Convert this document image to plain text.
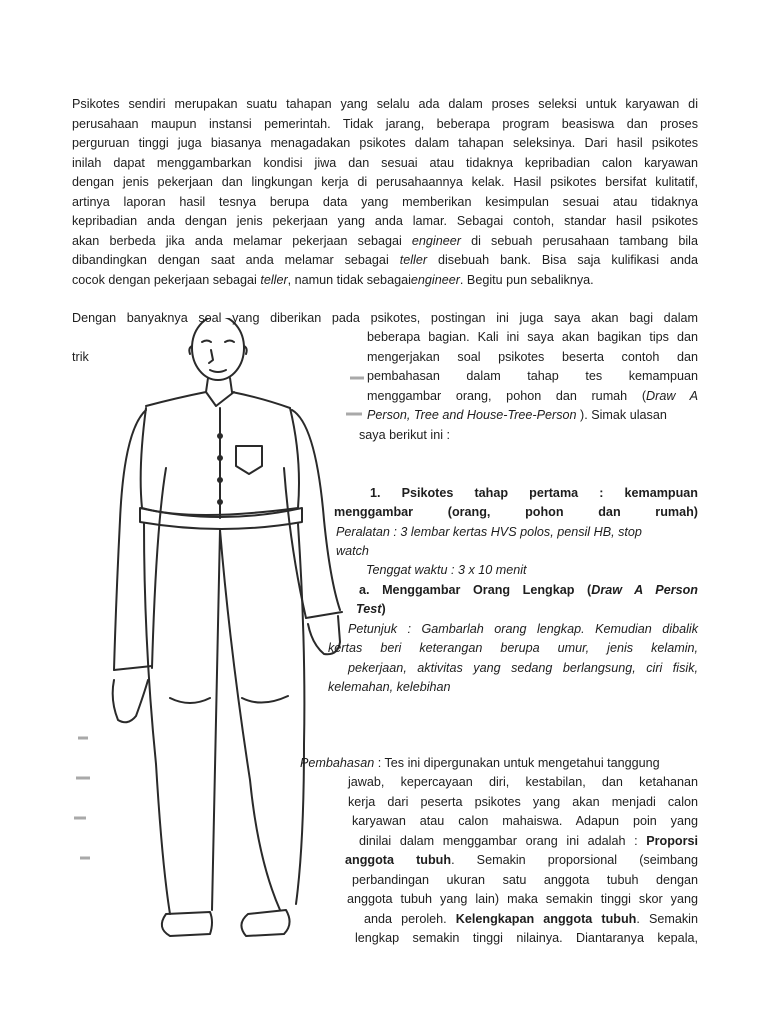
Psikotes sendiri merupakan suatu tahapan yang selalu ada dalam proses seleksi untuk karyawan di
perusahaan maupun instansi pemerintah. Tidak jarang, beberapa program beasiswa dan proses
perguruan tinggi juga biasanya menagadakan psikotes dalam tahapan seleksinya. Dari hasil psikotes
inilah dapat menggambarkan kondisi jiwa dan sesuai atau tidaknya kepribadian calon karyawan
dengan jenis pekerjaan dan lingkungan kerja di perusahaannya kelak. Hasil psikotes bersifat kulitatif,
artinya laporan hasil tesnya berupa data yang memberikan kesimpulan sesuai atau tidaknya
kepribadian anda dengan jenis pekerjaan yang anda lamar. Sebagai contoh, standar hasil psikotes
akan berbeda jika anda melamar pekerjaan sebagai engineer di sebuah perusahaan tambang bila
dibandingkan dengan saat anda melamar sebagai teller disebuah bank. Bisa saja kulifikasi anda
cocok dengan pekerjaan sebagai teller, namun tidak sebagaiengineer. Begitu pun sebaliknya.
Dengan banyaknya soal yang diberikan pada psikotes, postingan ini juga saya akan bagi dalam
beberapa bagian. Kali ini saya akan bagikan tips dan
trik	mengerjakan soal psikotes beserta contoh dan
pembahasan dalam tahap tes kemampuan
menggambar orang, pohon dan rumah (Draw A
Person, Tree and House-Tree-Person ). Simak ulasan
saya berikut ini :
1. Psikotes tahap pertama : kemampuan
menggambar (orang, pohon dan rumah)
Peralatan : 3 lembar kertas HVS polos, pensil HB, stop
watch
Tenggat waktu : 3 x 10 menit
a. Menggambar Orang Lengkap (Draw A Person
Test)
Petunjuk : Gambarlah orang lengkap. Kemudian dibalik
kertas beri keterangan berupa umur, jenis kelamin,
pekerjaan, aktivitas yang sedang berlangsung, ciri fisik,
kelemahan, kelebihan
Pembahasan : Tes ini dipergunakan untuk mengetahui tanggung
jawab, kepercayaan diri, kestabilan, dan ketahanan
kerja dari peserta psikotes yang akan menjadi calon
karyawan atau calon mahaiswa. Adapun poin yang
dinilai dalam menggambar orang ini adalah : Proporsi
anggota tubuh. Semakin proporsional (seimbang
perbandingan ukuran satu anggota tubuh dengan
anggota tubuh yang lain) maka semakin tinggi skor yang
anda peroleh. Kelengkapan anggota tubuh. Semakin
lengkap semakin tinggi nilainya. Diantaranya kepala,
